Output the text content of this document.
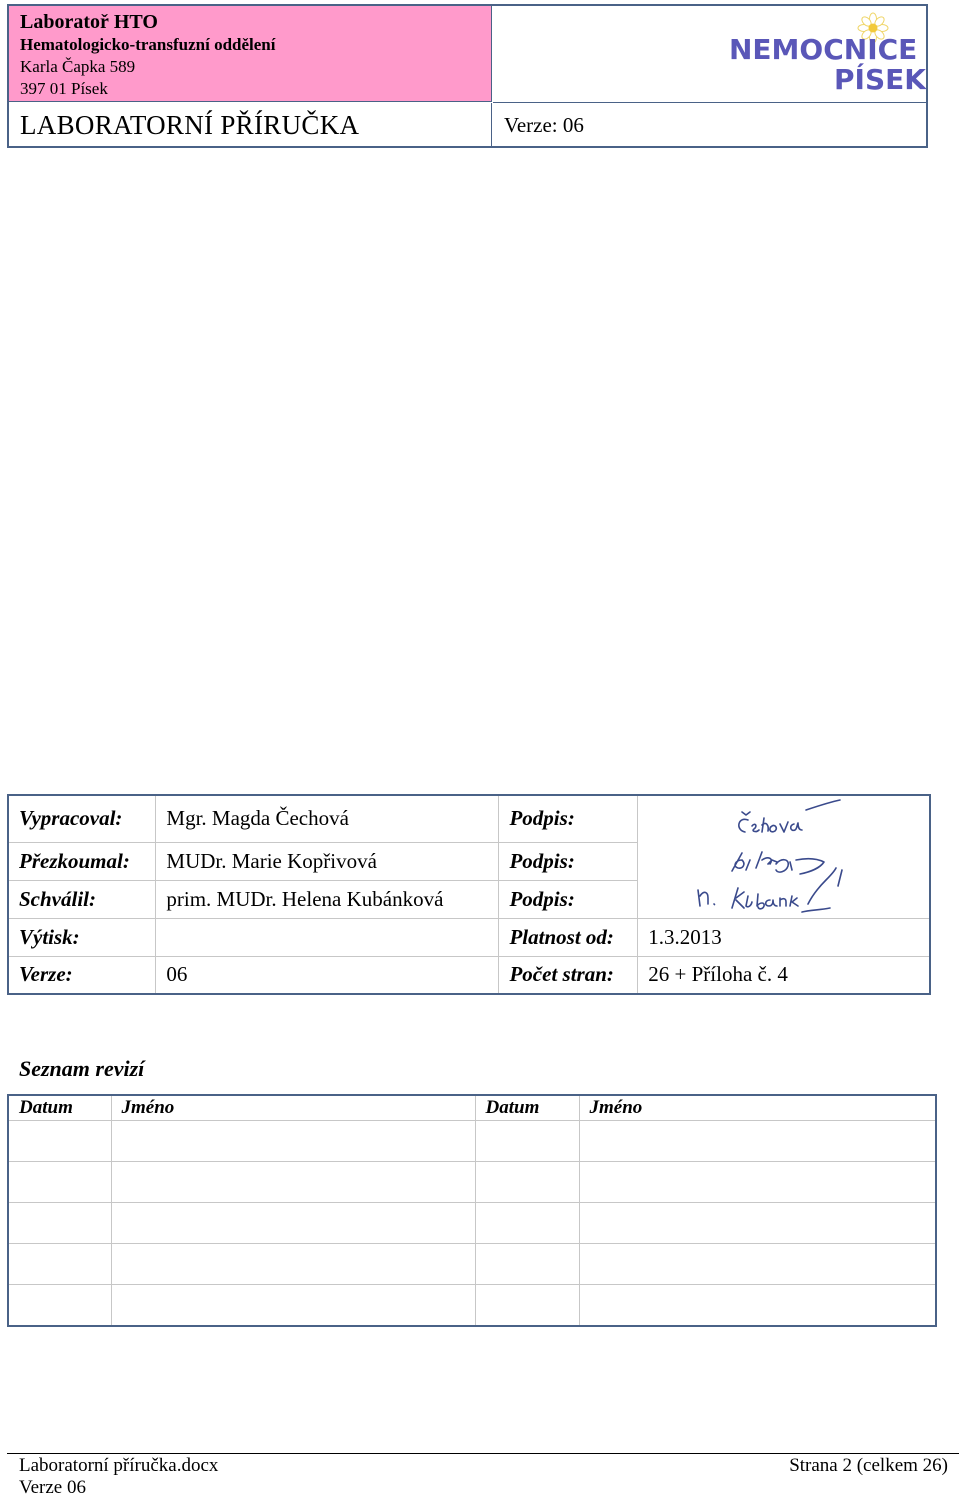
Laboratoř HTO
Hematologicko-transfuzní oddělení
Karla Čapka 589
397 01 Písek
NEMOCNICE
PÍSEK
LABORATORNÍ PŘÍRUČKA	Verze: 06
Vypracoval:	Mgr. Magda Čechová	Podpis:	
Přezkoumal:	MUDr. Marie Kopřivová	Podpis:	
Schválil:	prim. MUDr. Helena Kubánková	Podpis:	
Výtisk:		Platnost od:	1.3.2013
Verze:	06	Počet stran:	26 + Příloha č. 4
Seznam revizí
Datum	Jméno	Datum	Jméno

Laboratorní příručka.docx
Verze 06
Strana 2 (celkem 26)
